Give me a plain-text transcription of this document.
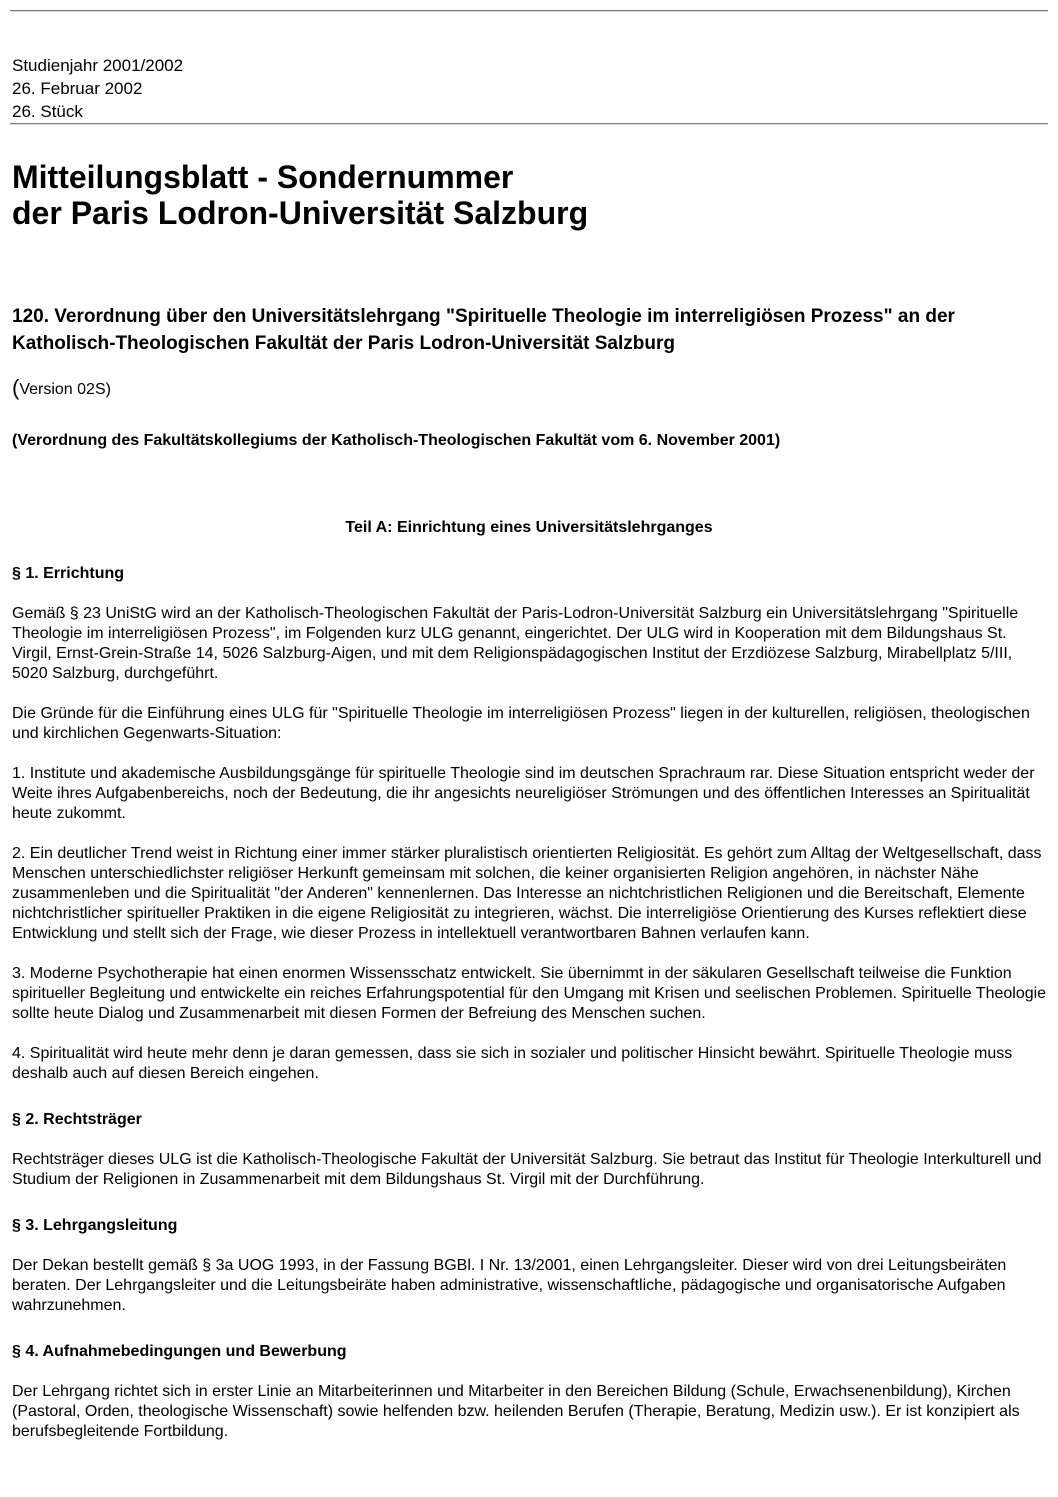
Studienjahr 2001/2002
26. Februar 2002
26. Stück
Mitteilungsblatt - Sondernummer
der Paris Lodron-Universität Salzburg

120. Verordnung über den Universitätslehrgang "Spirituelle Theologie im interreligiösen Prozess" an der Katholisch-Theologischen Fakultät der Paris Lodron-Universität Salzburg

(Version 02S)

(Verordnung des Fakultätskollegiums der Katholisch-Theologischen Fakultät vom 6. November 2001)

Teil A: Einrichtung eines Universitätslehrganges

§ 1. Errichtung

Gemäß § 23 UniStG wird an der Katholisch-Theologischen Fakultät der Paris-Lodron-Universität Salzburg ein Universitätslehrgang "Spirituelle Theologie im interreligiösen Prozess", im Folgenden kurz ULG genannt, eingerichtet. Der ULG wird in Kooperation mit dem Bildungshaus St. Virgil, Ernst-Grein-Straße 14, 5026 Salzburg-Aigen, und mit dem Religionspädagogischen Institut der Erzdiözese Salzburg, Mirabellplatz 5/III, 5020 Salzburg, durchgeführt.

Die Gründe für die Einführung eines ULG für "Spirituelle Theologie im interreligiösen Prozess" liegen in der kulturellen, religiösen, theologischen und kirchlichen Gegenwarts-Situation:

1. Institute und akademische Ausbildungsgänge für spirituelle Theologie sind im deutschen Sprachraum rar. Diese Situation entspricht weder der Weite ihres Aufgabenbereichs, noch der Bedeutung, die ihr angesichts neureligiöser Strömungen und des öffentlichen Interesses an Spiritualität heute zukommt.

2. Ein deutlicher Trend weist in Richtung einer immer stärker pluralistisch orientierten Religiosität. Es gehört zum Alltag der Weltgesellschaft, dass Menschen unterschiedlichster religiöser Herkunft gemeinsam mit solchen, die keiner organisierten Religion angehören, in nächster Nähe zusammenleben und die Spiritualität "der Anderen" kennenlernen. Das Interesse an nichtchristlichen Religionen und die Bereitschaft, Elemente nichtchristlicher spiritueller Praktiken in die eigene Religiosität zu integrieren, wächst. Die interreligiöse Orientierung des Kurses reflektiert diese Entwicklung und stellt sich der Frage, wie dieser Prozess in intellektuell verantwortbaren Bahnen verlaufen kann.

3. Moderne Psychotherapie hat einen enormen Wissensschatz entwickelt. Sie übernimmt in der säkularen Gesellschaft teilweise die Funktion spiritueller Begleitung und entwickelte ein reiches Erfahrungspotential für den Umgang mit Krisen und seelischen Problemen. Spirituelle Theologie sollte heute Dialog und Zusammenarbeit mit diesen Formen der Befreiung des Menschen suchen.

4. Spiritualität wird heute mehr denn je daran gemessen, dass sie sich in sozialer und politischer Hinsicht bewährt. Spirituelle Theologie muss deshalb auch auf diesen Bereich eingehen.

§ 2. Rechtsträger

Rechtsträger dieses ULG ist die Katholisch-Theologische Fakultät der Universität Salzburg. Sie betraut das Institut für Theologie Interkulturell und Studium der Religionen in Zusammenarbeit mit dem Bildungshaus St. Virgil mit der Durchführung.

§ 3. Lehrgangsleitung

Der Dekan bestellt gemäß § 3a UOG 1993, in der Fassung BGBl. I Nr. 13/2001, einen Lehrgangsleiter. Dieser wird von drei Leitungsbeiräten beraten. Der Lehrgangsleiter und die Leitungsbeiräte haben administrative, wissenschaftliche, pädagogische und organisatorische Aufgaben wahrzunehmen.

§ 4. Aufnahmebedingungen und Bewerbung

Der Lehrgang richtet sich in erster Linie an Mitarbeiterinnen und Mitarbeiter in den Bereichen Bildung (Schule, Erwachsenenbildung), Kirchen (Pastoral, Orden, theologische Wissenschaft) sowie helfenden bzw. heilenden Berufen (Therapie, Beratung, Medizin usw.). Er ist konzipiert als berufsbegleitende Fortbildung.
